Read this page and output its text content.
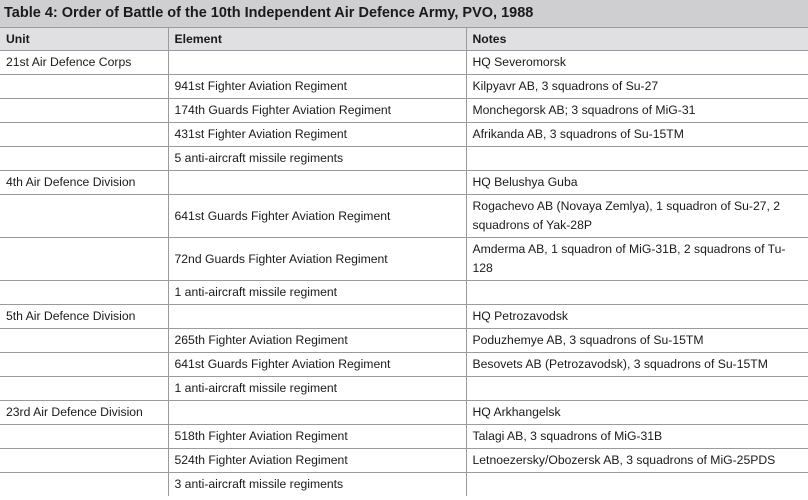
Table 4: Order of Battle of the 10th Independent Air Defence Army, PVO, 1988
Unit	Element	Notes
21st Air Defence Corps		HQ Severomorsk
	941st Fighter Aviation Regiment	Kilpyavr AB, 3 squadrons of Su-27
	174th Guards Fighter Aviation Regiment	Monchegorsk AB; 3 squadrons of MiG-31
	431st Fighter Aviation Regiment	Afrikanda AB, 3 squadrons of Su-15TM
	5 anti-aircraft missile regiments	
4th Air Defence Division		HQ Belushya Guba
	641st Guards Fighter Aviation Regiment	Rogachevo AB (Novaya Zemlya), 1 squadron of Su-27, 2 squadrons of Yak-28P
	72nd Guards Fighter Aviation Regiment	Amderma AB, 1 squadron of MiG-31B, 2 squadrons of Tu-128
	1 anti-aircraft missile regiment	
5th Air Defence Division		HQ Petrozavodsk
	265th Fighter Aviation Regiment	Poduzhemye AB, 3 squadrons of Su-15TM
	641st Guards Fighter Aviation Regiment	Besovets AB (Petrozavodsk), 3 squadrons of Su-15TM
	1 anti-aircraft missile regiment	
23rd Air Defence Division		HQ Arkhangelsk
	518th Fighter Aviation Regiment	Talagi AB, 3 squadrons of MiG-31B
	524th Fighter Aviation Regiment	Letnoezersky/Obozersk AB, 3 squadrons of MiG-25PDS
	3 anti-aircraft missile regiments	
